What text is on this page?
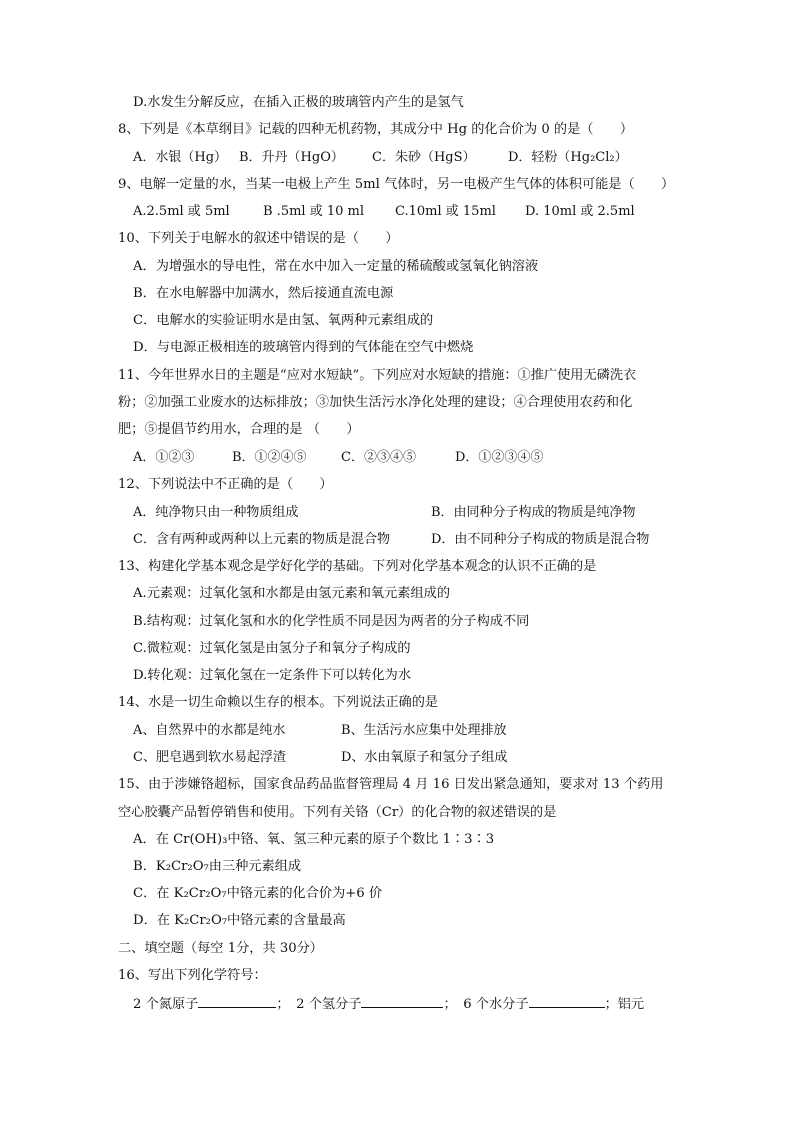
D.水发生分解反应，在插入正极的玻璃管内产生的是氢气
8、下列是《本草纲目》记载的四种无机药物，其成分中 Hg 的化合价为 0 的是（　　）
A．水银（Hg） B．升丹（HgO） C．朱砂（HgS） D．轻粉（Hg₂Cl₂）
9、电解一定量的水，当某一电极上产生 5ml 气体时，另一电极产生气体的体积可能是（　　）
A.2.5ml 或 5ml	B .5ml 或 10 ml C.10ml 或 15ml D. 10ml 或 2.5ml
10、下列关于电解水的叙述中错误的是（　　）
A．为增强水的导电性，常在水中加入一定量的稀硫酸或氢氧化钠溶液
B．在水电解器中加满水，然后接通直流电源
C．电解水的实验证明水是由氢、氧两种元素组成的
D．与电源正极相连的玻璃管内得到的气体能在空气中燃烧
11、今年世界水日的主题是“应对水短缺”。下列应对水短缺的措施：①推广使用无磷洗衣
粉；②加强工业废水的达标排放；③加快生活污水净化处理的建设；④合理使用农药和化
肥；⑤提倡节约用水，合理的是 （　　）
A．①②③	B．①②④⑤	C．②③④⑤	D．①②③④⑤
12、下列说法中不正确的是（　　）
A．纯净物只由一种物质组成	B．由同种分子构成的物质是纯净物
C．含有两种或两种以上元素的物质是混合物	D．由不同种分子构成的物质是混合物
13、构建化学基本观念是学好化学的基础。下列对化学基本观念的认识不正确的是
A.元素观：过氧化氢和水都是由氢元素和氧元素组成的
B.结构观：过氧化氢和水的化学性质不同是因为两者的分子构成不同
C.微粒观：过氧化氢是由氢分子和氧分子构成的
D.转化观：过氧化氢在一定条件下可以转化为水
14、水是一切生命赖以生存的根本。下列说法正确的是
A、自然界中的水都是纯水	B、生活污水应集中处理排放
C、肥皂遇到软水易起浮渣	D、水由氧原子和氢分子组成
15、由于涉嫌铬超标，国家食品药品监督管理局 4 月 16 日发出紧急通知，要求对 13 个药用
空心胶囊产品暂停销售和使用。下列有关铬（Cr）的化合物的叙述错误的是
A．在 Cr(OH)₃中铬、氧、氢三种元素的原子个数比 1∶3∶3
B．K₂Cr₂O₇由三种元素组成
C．在 K₂Cr₂O₇中铬元素的化合价为+6 价
D．在 K₂Cr₂O₇中铬元素的含量最高
二、填空题（每空 1分，共 30分）
16、写出下列化学符号：
2 个氮原子	；　2 个氢分子	；　6 个水分子	；铝元
